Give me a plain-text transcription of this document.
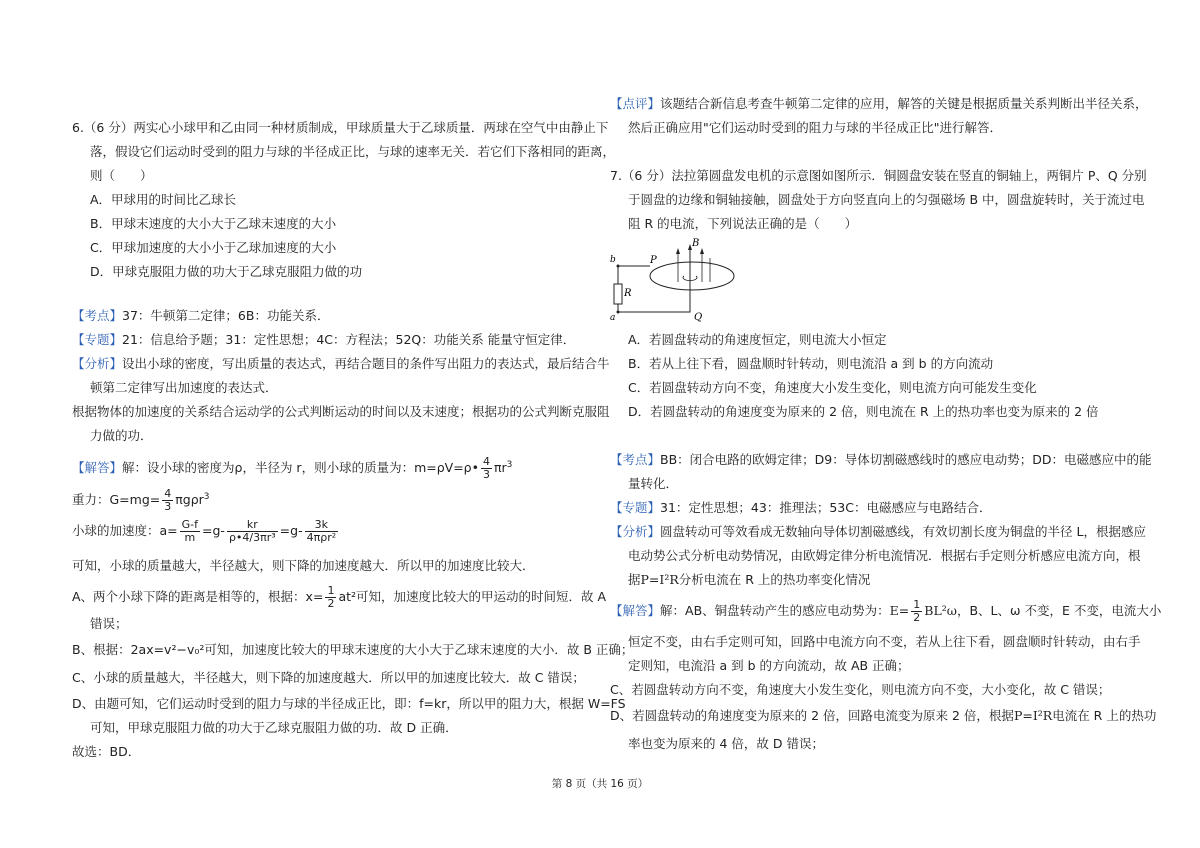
6.（6 分）两实心小球甲和乙由同一种材质制成，甲球质量大于乙球质量．两球在空气中由静止下
落，假设它们运动时受到的阻力与球的半径成正比，与球的速率无关．若它们下落相同的距离，
则（　　）
A．甲球用的时间比乙球长
B．甲球末速度的大小大于乙球末速度的大小
C．甲球加速度的大小小于乙球加速度的大小
D．甲球克服阻力做的功大于乙球克服阻力做的功
【考点】37：牛顿第二定律；6B：功能关系．
【专题】21：信息给予题；31：定性思想；4C：方程法；52Q：功能关系 能量守恒定律．
【分析】设出小球的密度，写出质量的表达式，再结合题目的条件写出阻力的表达式，最后结合牛
顿第二定律写出加速度的表达式．
根据物体的加速度的关系结合运动学的公式判断运动的时间以及末速度；根据功的公式判断克服阻
力做的功．
【解答】解：设小球的密度为ρ，半径为 r，则小球的质量为：m=ρV=ρ• $\frac{4}{3} \pi r^3$
重力：$G=mg= \frac{4}{3} \pi g\rho r^3$
小球的加速度：$a= \frac{G-f}{m} =g- \frac{kr}{\text{ρ•4/3πr³}} =g- \frac{3k}{\text{4πρr²}}$
可知，小球的质量越大，半径越大，则下降的加速度越大．所以甲的加速度比较大．
A、两个小球下降的距离是相等的，根据：$x= \frac{1}{2} at^2$可知，加速度比较大的甲运动的时间短．故 A
错误；
B、根据：2ax=v²−v₀²可知，加速度比较大的甲球末速度的大小大于乙球末速度的大小．故 B 正确；
C、小球的质量越大，半径越大，则下降的加速度越大．所以甲的加速度比较大．故 C 错误；
D、由题可知，它们运动时受到的阻力与球的半径成正比，即：f=kr，所以甲的阻力大，根据 W=FS
可知，甲球克服阻力做的功大于乙球克服阻力做的功．故 D 正确．
故选：BD．
【点评】该题结合新信息考查牛顿第二定律的应用，解答的关键是根据质量关系判断出半径关系，
然后正确应用"它们运动时受到的阻力与球的半径成正比"进行解答．
7.（6 分）法拉第圆盘发电机的示意图如图所示．铜圆盘安装在竖直的铜轴上，两铜片 P、Q 分别
于圆盘的边缘和铜轴接触，圆盘处于方向竖直向上的匀强磁场 B 中，圆盘旋转时，关于流过电
阻 R 的电流，下列说法正确的是（　　）
B
P
R
Q
a
b
A．若圆盘转动的角速度恒定，则电流大小恒定
B．若从上往下看，圆盘顺时针转动，则电流沿 a 到 b 的方向流动
C．若圆盘转动方向不变，角速度大小发生变化，则电流方向可能发生变化
D．若圆盘转动的角速度变为原来的 2 倍，则电流在 R 上的热功率也变为原来的 2 倍
【考点】BB：闭合电路的欧姆定律；D9：导体切割磁感线时的感应电动势；DD：电磁感应中的能
量转化．
【专题】31：定性思想；43：推理法；53C：电磁感应与电路结合．
【分析】圆盘转动可等效看成无数轴向导体切割磁感线，有效切割长度为铜盘的半径 L，根据感应
电动势公式分析电动势情况，由欧姆定律分析电流情况．根据右手定则分析感应电流方向，根
据P=I²R分析电流在 R 上的热功率变化情况
【解答】解：AB、铜盘转动产生的感应电动势为：$E= \frac{1}{2} BL^2\omega$，B、L、ω 不变，E 不变，电流大小
恒定不变，由右手定则可知，回路中电流方向不变，若从上往下看，圆盘顺时针转动，由右手
定则知，电流沿 a 到 b 的方向流动，故 AB 正确；
C、若圆盘转动方向不变，角速度大小发生变化，则电流方向不变，大小变化，故 C 错误；
D、若圆盘转动的角速度变为原来的 2 倍，回路电流变为原来 2 倍，根据P=I²R电流在 R 上的热功
率也变为原来的 4 倍，故 D 错误；
第 8 页（共 16 页）
